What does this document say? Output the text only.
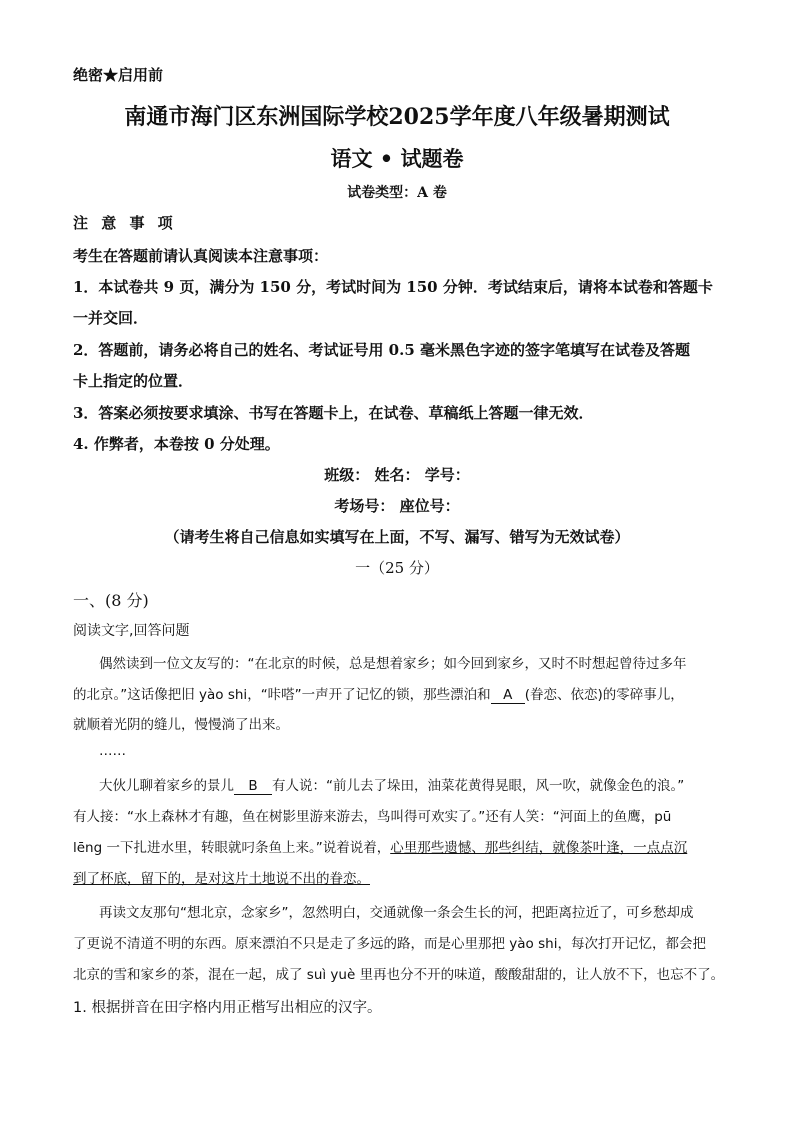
绝密★启用前
南通市海门区东洲国际学校2025学年度八年级暑期测试
语文 • 试题卷
试卷类型：A 卷
注 意 事 项
考生在答题前请认真阅读本注意事项：
1．本试卷共 9 页，满分为 150 分，考试时间为 150 分钟．考试结束后，请将本试卷和答题卡
一并交回．
2．答题前，请务必将自己的姓名、考试证号用 0.5 毫米黑色字迹的签字笔填写在试卷及答题
卡上指定的位置．
3．答案必须按要求填涂、书写在答题卡上，在试卷、草稿纸上答题一律无效．
4. 作弊者，本卷按 0 分处理。
班级： 姓名： 学号：
考场号： 座位号：
（请考生将自己信息如实填写在上面，不写、漏写、错写为无效试卷）
一（25 分）
一、(8 分)
阅读文字,回答问题
偶然读到一位文友写的：“在北京的时候，总是想着家乡；如今回到家乡，又时不时想起曾待过多年
的北京。”这话像把旧 yào shi，“咔嗒”一声开了记忆的锁，那些漂泊和 A (眷恋、依恋)的零碎事儿，
就顺着光阴的缝儿，慢慢淌了出来。
……
大伙儿聊着家乡的景儿 B 有人说：“前儿去了垛田，油菜花黄得晃眼，风一吹，就像金色的浪。”
有人接：“水上森林才有趣，鱼在树影里游来游去，鸟叫得可欢实了。”还有人笑：“河面上的鱼鹰，pū
lēng 一下扎进水里，转眼就叼条鱼上来。”说着说着，心里那些遗憾、那些纠结，就像茶叶逢，一点点沉
到了杯底，留下的，是对这片土地说不出的眷恋。
再读文友那句“想北京，念家乡”，忽然明白，交通就像一条会生长的河，把距离拉近了，可乡愁却成
了更说不清道不明的东西。原来漂泊不只是走了多远的路，而是心里那把 yào shi，每次打开记忆，都会把
北京的雪和家乡的茶，混在一起，成了 suì yuè 里再也分不开的味道，酸酸甜甜的，让人放不下，也忘不了。
1. 根据拼音在田字格内用正楷写出相应的汉字。
